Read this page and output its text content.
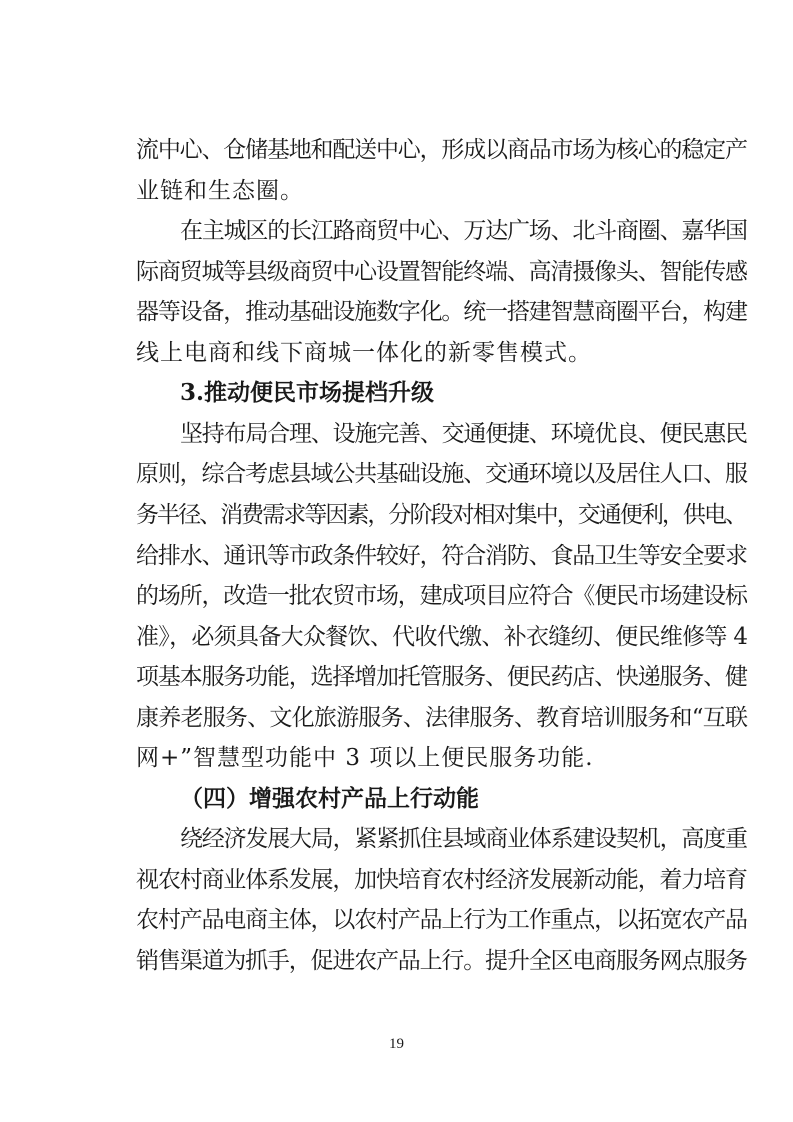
流中心、仓储基地和配送中心，形成以商品市场为核心的稳定产
业链和生态圈。
在主城区的长江路商贸中心、万达广场、北斗商圈、嘉华国
际商贸城等县级商贸中心设置智能终端、高清摄像头、智能传感
器等设备，推动基础设施数字化。统一搭建智慧商圈平台，构建
线上电商和线下商城一体化的新零售模式。
3.推动便民市场提档升级
坚持布局合理、设施完善、交通便捷、环境优良、便民惠民
原则，综合考虑县域公共基础设施、交通环境以及居住人口、服
务半径、消费需求等因素，分阶段对相对集中，交通便利，供电、
给排水、通讯等市政条件较好，符合消防、食品卫生等安全要求
的场所，改造一批农贸市场，建成项目应符合《便民市场建设标
准》，必须具备大众餐饮、代收代缴、补衣缝纫、便民维修等 4
项基本服务功能，选择增加托管服务、便民药店、快递服务、健
康养老服务、文化旅游服务、法律服务、教育培训服务和“互联
网+”智慧型功能中 3 项以上便民服务功能.
（四）增强农村产品上行动能
绕经济发展大局，紧紧抓住县域商业体系建设契机，高度重
视农村商业体系发展，加快培育农村经济发展新动能，着力培育
农村产品电商主体，以农村产品上行为工作重点，以拓宽农产品
销售渠道为抓手，促进农产品上行。提升全区电商服务网点服务
19
